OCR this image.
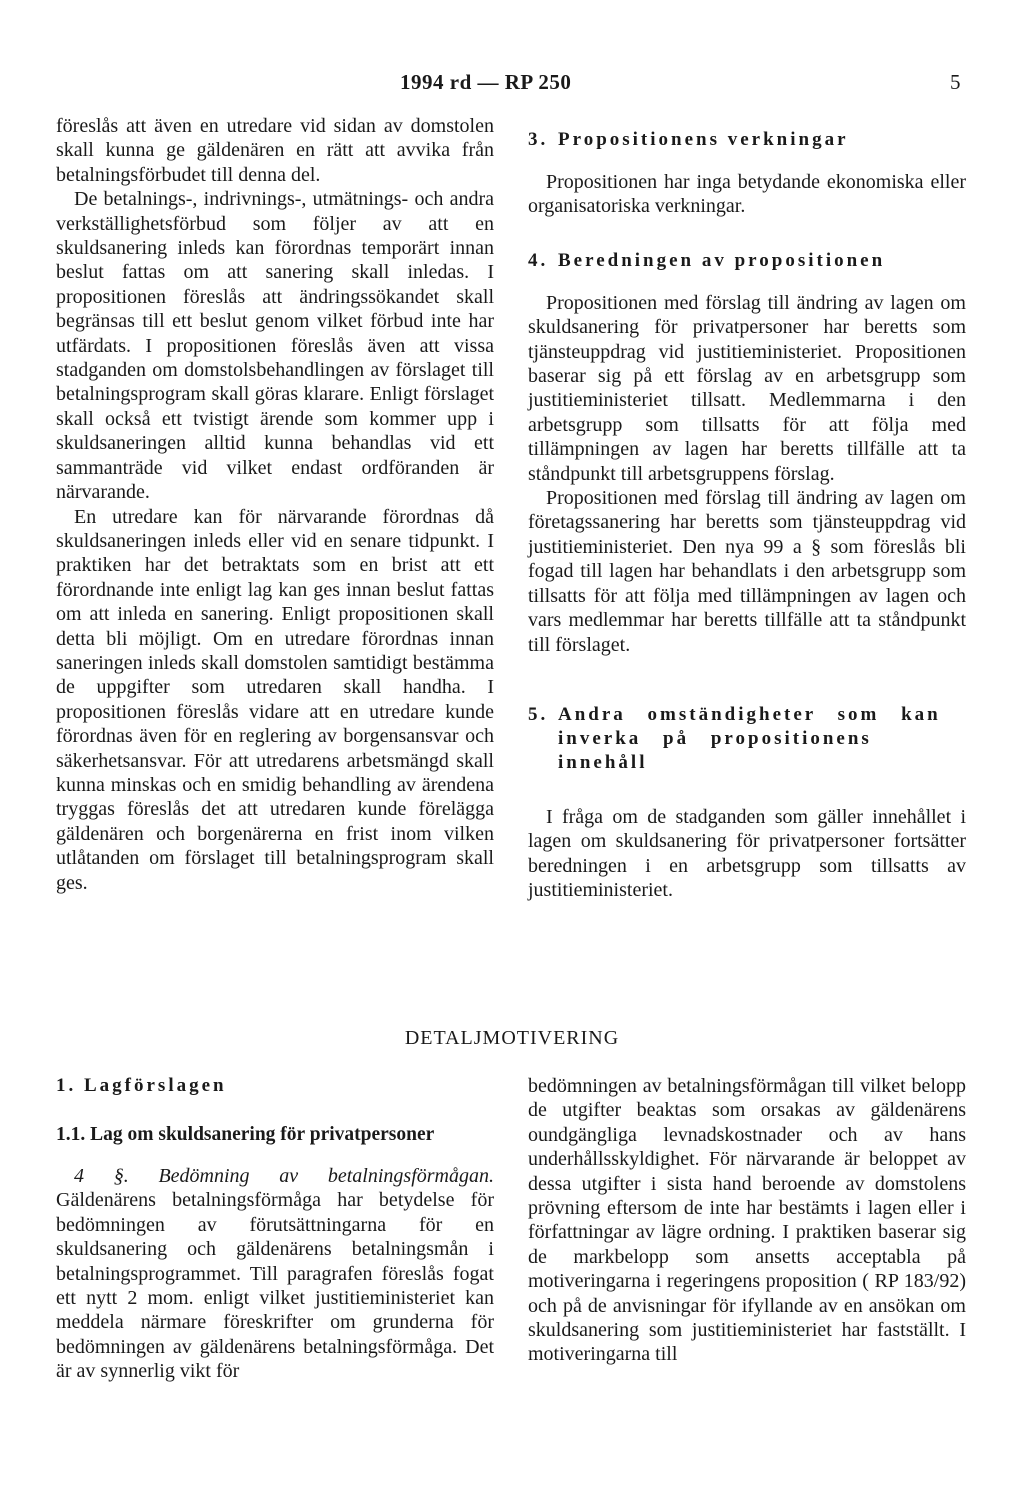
1994 rd — RP 250	5

föreslås att även en utredare vid sidan av domstolen skall kunna ge gäldenären en rätt att avvika från betalningsförbudet till denna del.

De betalnings-, indrivnings-, utmätnings- och andra verkställighetsförbud som följer av att en skuldsanering inleds kan förordnas temporärt innan beslut fattas om att sanering skall inledas. I propositionen föreslås att ändringssökandet skall begränsas till ett beslut genom vilket förbud inte har utfärdats. I propositionen föreslås även att vissa stadganden om domstolsbehandlingen av förslaget till betalningsprogram skall göras klarare. Enligt förslaget skall också ett tvistigt ärende som kommer upp i skuldsaneringen alltid kunna behandlas vid ett sammanträde vid vilket endast ordföranden är närvarande.

En utredare kan för närvarande förordnas då skuldsaneringen inleds eller vid en senare tidpunkt. I praktiken har det betraktats som en brist att ett förordnande inte enligt lag kan ges innan beslut fattas om att inleda en sanering. Enligt propositionen skall detta bli möjligt. Om en utredare förordnas innan saneringen inleds skall domstolen samtidigt bestämma de uppgifter som utredaren skall handha. I propositionen föreslås vidare att en utredare kunde förordnas även för en reglering av borgensansvar och säkerhetsansvar. För att utredarens arbetsmängd skall kunna minskas och en smidig behandling av ärendena tryggas föreslås det att utredaren kunde förelägga gäldenären och borgenärerna en frist inom vilken utlåtanden om förslaget till betalningsprogram skall ges.

3. Propositionens verkningar

Propositionen har inga betydande ekonomiska eller organisatoriska verkningar.

4. Beredningen av propositionen

Propositionen med förslag till ändring av lagen om skuldsanering för privatpersoner har beretts som tjänsteuppdrag vid justitieministeriet. Propositionen baserar sig på ett förslag av en arbetsgrupp som justitieministeriet tillsatt. Medlemmarna i den arbetsgrupp som tillsatts för att följa med tillämpningen av lagen har beretts tillfälle att ta ståndpunkt till arbetsgruppens förslag.

Propositionen med förslag till ändring av lagen om företagssanering har beretts som tjänsteuppdrag vid justitieministeriet. Den nya 99 a § som föreslås bli fogad till lagen har behandlats i den arbetsgrupp som tillsatts för att följa med tillämpningen av lagen och vars medlemmar har beretts tillfälle att ta ståndpunkt till förslaget.

5. Andra omständigheter som kan inverka på propositionens innehåll

I fråga om de stadganden som gäller innehållet i lagen om skuldsanering för privatpersoner fortsätter beredningen i en arbetsgrupp som tillsatts av justitieministeriet.

DETALJMOTIVERING

1. Lagförslagen

1.1. Lag om skuldsanering för privatpersoner

4 §. Bedömning av betalningsförmågan. Gäldenärens betalningsförmåga har betydelse för bedömningen av förutsättningarna för en skuldsanering och gäldenärens betalningsmån i betalningsprogrammet. Till paragrafen föreslås fogat ett nytt 2 mom. enligt vilket justitieministeriet kan meddela närmare föreskrifter om grunderna för bedömningen av gäldenärens betalningsförmåga. Det är av synnerlig vikt för

bedömningen av betalningsförmågan till vilket belopp de utgifter beaktas som orsakas av gäldenärens oundgängliga levnadskostnader och av hans underhållsskyldighet. För närvarande är beloppet av dessa utgifter i sista hand beroende av domstolens prövning eftersom de inte har bestämts i lagen eller i författningar av lägre ordning. I praktiken baserar sig de markbelopp som ansetts acceptabla på motiveringarna i regeringens proposition ( RP 183/92) och på de anvisningar för ifyllande av en ansökan om skuldsanering som justitieministeriet har fastställt. I motiveringarna till
